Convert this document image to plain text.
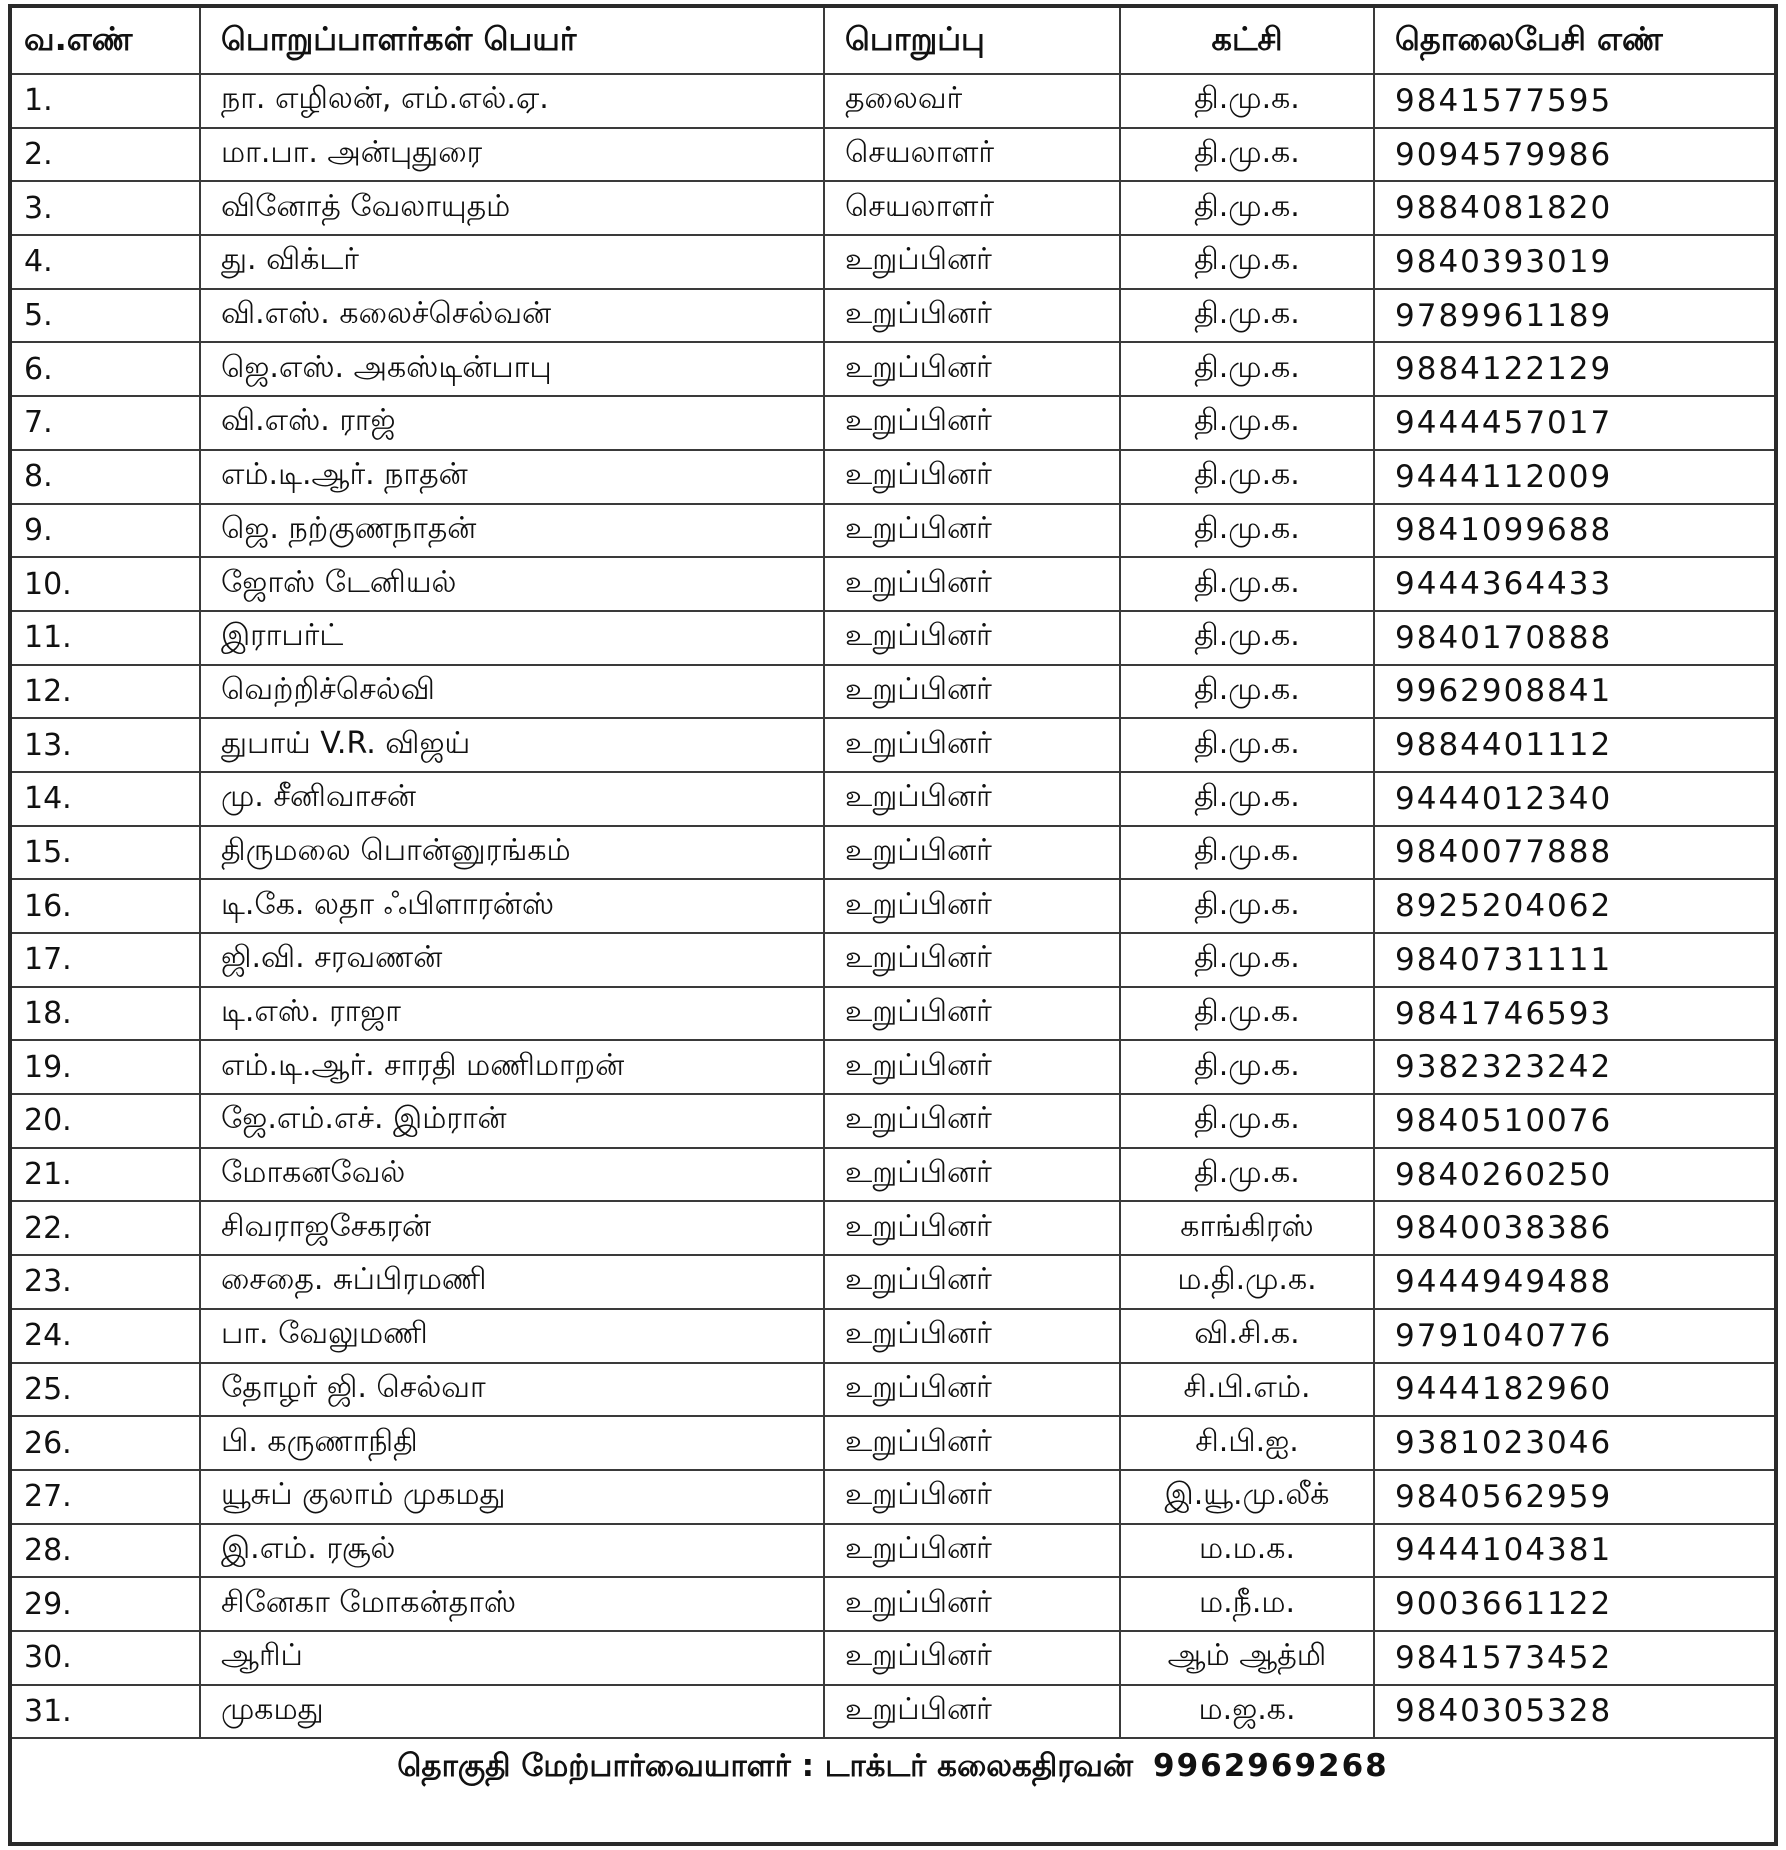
வ.எண்	பொறுப்பாளர்கள் பெயர்	பொறுப்பு	கட்சி	தொலைபேசி எண்
1.	நா. எழிலன், எம்.எல்.ஏ.	தலைவர்	தி.மு.க.	9841577595
2.	மா.பா. அன்புதுரை	செயலாளர்	தி.மு.க.	9094579986
3.	வினோத் வேலாயுதம்	செயலாளர்	தி.மு.க.	9884081820
4.	து. விக்டர்	உறுப்பினர்	தி.மு.க.	9840393019
5.	வி.எஸ். கலைச்செல்வன்	உறுப்பினர்	தி.மு.க.	9789961189
6.	ஜெ.எஸ். அகஸ்டின்பாபு	உறுப்பினர்	தி.மு.க.	9884122129
7.	வி.எஸ். ராஜ்	உறுப்பினர்	தி.மு.க.	9444457017
8.	எம்.டி.ஆர். நாதன்	உறுப்பினர்	தி.மு.க.	9444112009
9.	ஜெ. நற்குணநாதன்	உறுப்பினர்	தி.மு.க.	9841099688
10.	ஜோஸ் டேனியல்	உறுப்பினர்	தி.மு.க.	9444364433
11.	இராபர்ட்	உறுப்பினர்	தி.மு.க.	9840170888
12.	வெற்றிச்செல்வி	உறுப்பினர்	தி.மு.க.	9962908841
13.	துபாய் V.R. விஜய்	உறுப்பினர்	தி.மு.க.	9884401112
14.	மு. சீனிவாசன்	உறுப்பினர்	தி.மு.க.	9444012340
15.	திருமலை பொன்னுரங்கம்	உறுப்பினர்	தி.மு.க.	9840077888
16.	டி.கே. லதா ஃபிளாரன்ஸ்	உறுப்பினர்	தி.மு.க.	8925204062
17.	ஜி.வி. சரவணன்	உறுப்பினர்	தி.மு.க.	9840731111
18.	டி.எஸ். ராஜா	உறுப்பினர்	தி.மு.க.	9841746593
19.	எம்.டி.ஆர். சாரதி மணிமாறன்	உறுப்பினர்	தி.மு.க.	9382323242
20.	ஜே.எம்.எச். இம்ரான்	உறுப்பினர்	தி.மு.க.	9840510076
21.	மோகனவேல்	உறுப்பினர்	தி.மு.க.	9840260250
22.	சிவராஜசேகரன்	உறுப்பினர்	காங்கிரஸ்	9840038386
23.	சைதை. சுப்பிரமணி	உறுப்பினர்	ம.தி.மு.க.	9444949488
24.	பா. வேலுமணி	உறுப்பினர்	வி.சி.க.	9791040776
25.	தோழர் ஜி. செல்வா	உறுப்பினர்	சி.பி.எம்.	9444182960
26.	பி. கருணாநிதி	உறுப்பினர்	சி.பி.ஐ.	9381023046
27.	யூசுப் குலாம் முகமது	உறுப்பினர்	இ.யூ.மு.லீக்	9840562959
28.	இ.எம். ரசூல்	உறுப்பினர்	ம.ம.க.	9444104381
29.	சினேகா மோகன்தாஸ்	உறுப்பினர்	ம.நீ.ம.	9003661122
30.	ஆரிப்	உறுப்பினர்	ஆம் ஆத்மி	9841573452
31.	முகமது	உறுப்பினர்	ம.ஜ.க.	9840305328
தொகுதி மேற்பார்வையாளர் : டாக்டர் கலைகதிரவன் 9962969268				
